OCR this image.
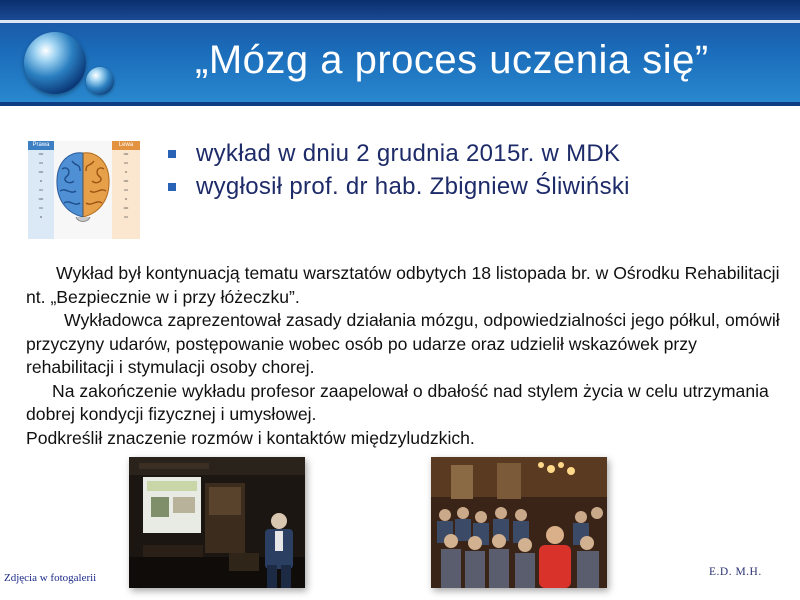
„Mózg a proces uczenia się”
Prawa
••••
•••
••••
••
•••
••••
•••
••
Lewa
••••
•••
••
••••
•••
••
••••
•••
wykład w dniu 2 grudnia 2015r. w MDK
wygłosił prof. dr hab. Zbigniew Śliwiński

Wykład był kontynuacją tematu warsztatów odbytych 18 listopada br. w Ośrodku Rehabilitacji nt. „Bezpiecznie w i przy łóżeczku”.

Wykładowca zaprezentował zasady działania mózgu, odpowiedzialności jego półkul, omówił przyczyny udarów, postępowanie wobec osób po udarze oraz udzielił wskazówek przy rehabilitacji i stymulacji osoby chorej.

Na zakończenie wykładu profesor zaapelował o dbałość nad stylem życia w celu utrzymania dobrej kondycji fizycznej i umysłowej.

Podkreślił znaczenie rozmów i kontaktów międzyludzkich.

Zdjęcia w fotogalerii	E.D. M.H.
